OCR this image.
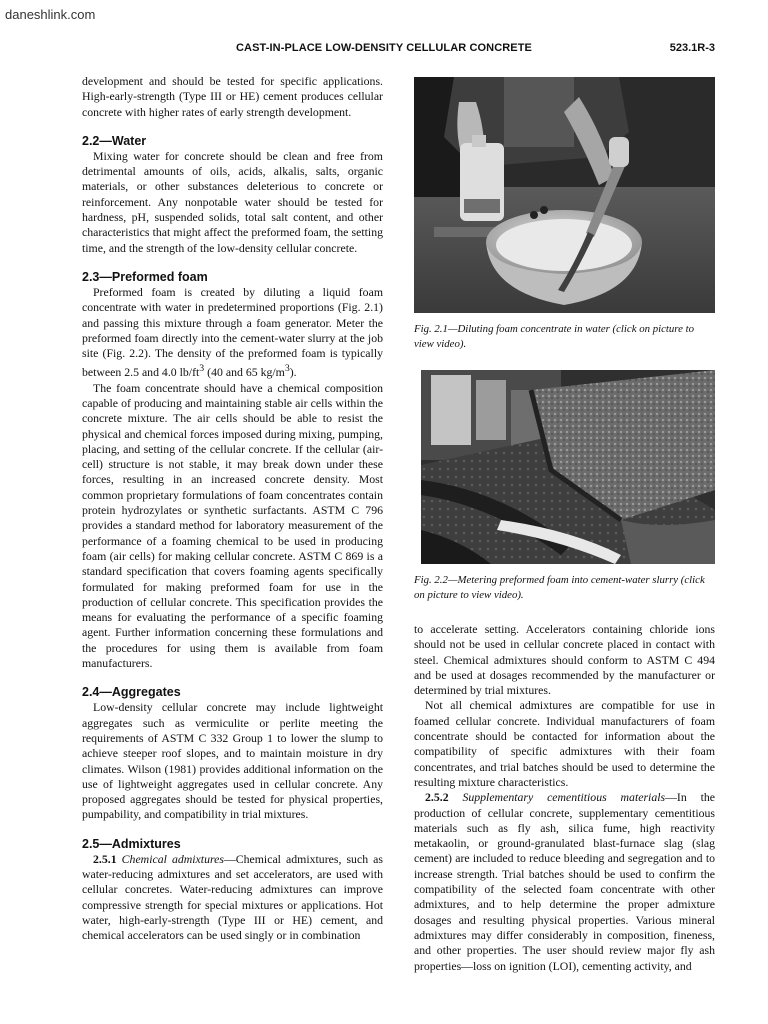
daneshlink.com
CAST-IN-PLACE LOW-DENSITY CELLULAR CONCRETE	523.1R-3

development and should be tested for specific applications. High-early-strength (Type III or HE) cement produces cellular concrete with higher rates of early strength development.

2.2—Water

Mixing water for concrete should be clean and free from detrimental amounts of oils, acids, alkalis, salts, organic materials, or other substances deleterious to concrete or reinforcement. Any nonpotable water should be tested for hardness, pH, suspended solids, total salt content, and other characteristics that might affect the preformed foam, the setting time, and the strength of the low-density cellular concrete.

2.3—Preformed foam

Preformed foam is created by diluting a liquid foam concentrate with water in predetermined proportions (Fig. 2.1) and passing this mixture through a foam generator. Meter the preformed foam directly into the cement-water slurry at the job site (Fig. 2.2). The density of the preformed foam is typically between 2.5 and 4.0 $lb/ft^3$ (40 and 65 $kg/m^3$).

The foam concentrate should have a chemical composition capable of producing and maintaining stable air cells within the concrete mixture. The air cells should be able to resist the physical and chemical forces imposed during mixing, pumping, placing, and setting of the cellular concrete. If the cellular (air-cell) structure is not stable, it may break down under these forces, resulting in an increased concrete density. Most common proprietary formulations of foam concentrates contain protein hydrozylates or synthetic surfactants. ASTM C 796 provides a standard method for laboratory measurement of the performance of a foaming chemical to be used in producing foam (air cells) for making cellular concrete. ASTM C 869 is a standard specification that covers foaming agents specifically formulated for making preformed foam for use in the production of cellular concrete. This specification provides the means for evaluating the performance of a specific foaming agent. Further information concerning these formulations and the procedures for using them is available from foam manufacturers.

2.4—Aggregates

Low-density cellular concrete may include lightweight aggregates such as vermiculite or perlite meeting the requirements of ASTM C 332 Group 1 to lower the slump to achieve steeper roof slopes, and to maintain moisture in dry climates. Wilson (1981) provides additional information on the use of lightweight aggregates used in cellular concrete. Any proposed aggregates should be tested for physical properties, pumpability, and compatibility in trial mixtures.

2.5—Admixtures

2.5.1 Chemical admixtures—Chemical admixtures, such as water-reducing admixtures and set accelerators, are used with cellular concretes. Water-reducing admixtures can improve compressive strength for special mixtures or applications. Hot water, high-early-strength (Type III or HE) cement, and chemical accelerators can be used singly or in combination

Fig. 2.1—Diluting foam concentrate in water (click on picture to view video).
Fig. 2.2—Metering preformed foam into cement-water slurry (click on picture to view video).

to accelerate setting. Accelerators containing chloride ions should not be used in cellular concrete placed in contact with steel. Chemical admixtures should conform to ASTM C 494 and be used at dosages recommended by the manufacturer or determined by trial mixtures.

Not all chemical admixtures are compatible for use in foamed cellular concrete. Individual manufacturers of foam concentrate should be contacted for information about the compatibility of specific admixtures with their foam concentrates, and trial batches should be used to determine the resulting mixture characteristics.

2.5.2 Supplementary cementitious materials—In the production of cellular concrete, supplementary cementitious materials such as fly ash, silica fume, high reactivity metakaolin, or ground-granulated blast-furnace slag (slag cement) are included to reduce bleeding and segregation and to increase strength. Trial batches should be used to confirm the compatibility of the selected foam concentrate with other admixtures, and to help determine the proper admixture dosages and resulting physical properties. Various mineral admixtures may differ considerably in composition, fineness, and other properties. The user should review major fly ash properties—loss on ignition (LOI), cementing activity, and
